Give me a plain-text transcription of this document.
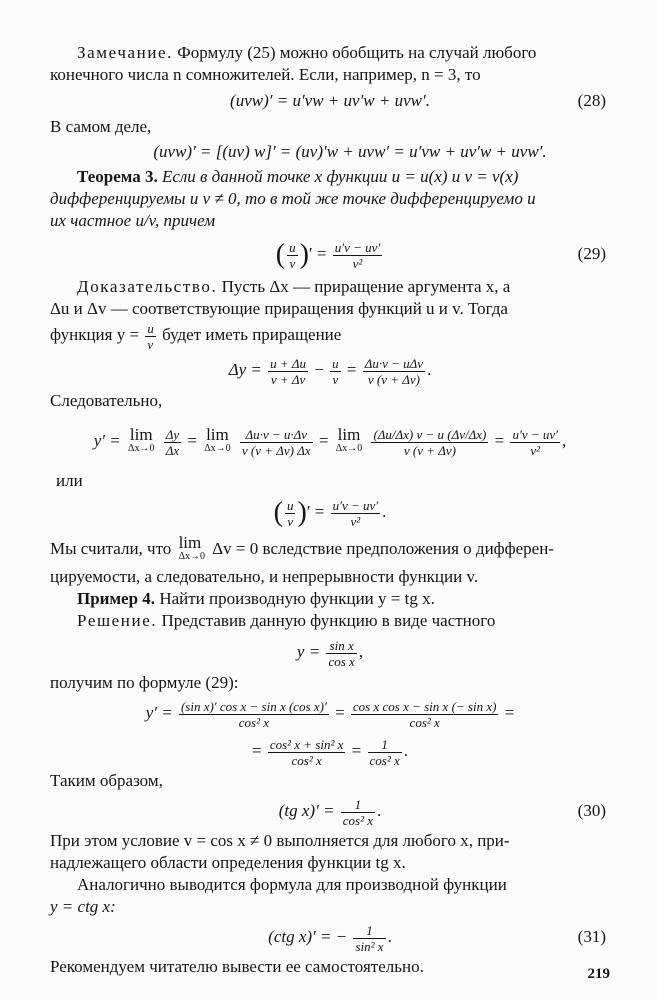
Замечание. Формулу (25) можно обобщить на случай любого

конечного числа n сомножителей. Если, например, n = 3, то

(uvw)′ = u′vw + uv′w + uvw′.	(28)

В самом деле,

(uvw)′ = [(uv) w]′ = (uv)′w + uvw′ = u′vw + uv′w + uvw′.

Теорема 3. Если в данной точке x функции u = u(x) и v = v(x)

дифференцируемы и v ≠ 0, то в той же точке дифференцируемо и

их частное u/v, причем

( $\frac{u}{v}$ )′ = $\frac{u'v - uv'}{\text{v²}}$	(29)

Доказательство. Пусть Δx — приращение аргумента x, а

Δu и Δv — соответствующие приращения функций u и v. Тогда

функция $y = \frac{u}{v}$ будет иметь приращение

$\Delta y = \frac{u + \Delta u}{v + \Delta v} - \frac{u}{v} = \frac{\text{Δu·v − uΔv}}{v (v + \Delta v)}$ .

Следовательно,

y′ = lim
Δx→0
$\frac{\Delta y}{\Delta x} = \lim$
Δx→0
$\frac{\Delta u\cdot v - u\cdot\Delta v}{v (v + \Delta v) \Delta x} = \lim$
Δx→0
$\frac{(\Delta u/\Delta x) v - u (\Delta v/\Delta x)}{v (v + \Delta v)} = \frac{u'v - uv'}{\text{v²}}$ ,

или

( $\frac{u}{v}$ )′ = $\frac{u'v - uv'}{\text{v²}}$ .

Мы считали, что lim
Δx→0 Δv = 0 вследствие предположения о дифферен-

цируемости, а следовательно, и непрерывности функции v.

Пример 4. Найти производную функции y = tg x.

Решение. Представив данную функцию в виде частного

$y = \frac{\text{sin x}}{\text{cos x}}$ ,

получим по формуле (29):

$y' = \frac{\text{(sin x)′ cos x − sin x (cos x)′}}{\text{cos² x}} = \frac{\text{cos x cos x − sin x (− sin x)}}{\text{cos² x}}$ =
= $\frac{\text{cos² x + sin² x}}{\text{cos² x}} = \frac{1}{\text{cos² x}}$ .

Таким образом,

(tg $x)' = \frac{1}{\text{cos² x}}$ .	(30)

При этом условие v = cos x ≠ 0 выполняется для любого x, при-

надлежащего области определения функции tg x.

Аналогично выводится формула для производной функции

y = ctg x:

(ctg x)′ = − $\frac{1}{\text{sin² x}}$ .	(31)

Рекомендуем читателю вывести ее самостоятельно.	219
